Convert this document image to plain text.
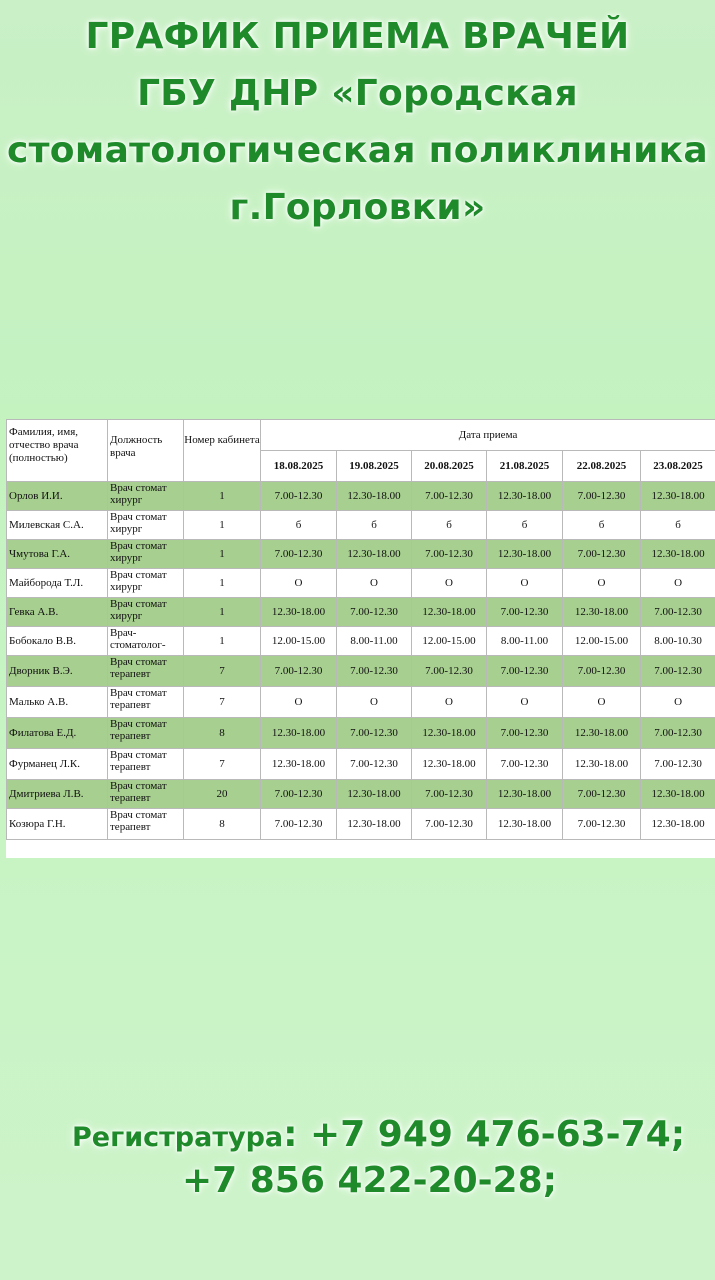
ГРАФИК ПРИЕМА ВРАЧЕЙ
ГБУ ДНР «Городская
стоматологическая поликлиника
г.Горловки»
Фамилия, имя, отчество врача (полностью)	Должность врача	Номер кабинета	Дата приема					
			18.08.2025	19.08.2025	20.08.2025	21.08.2025	22.08.2025	23.08.2025
Орлов И.И.	Врач стомат хирург	1	7.00-12.30	12.30-18.00	7.00-12.30	12.30-18.00	7.00-12.30	12.30-18.00
Милевская С.А.	Врач стомат хирург	1	б	б	б	б	б	б
Чмутова Г.А.	Врач стомат хирург	1	7.00-12.30	12.30-18.00	7.00-12.30	12.30-18.00	7.00-12.30	12.30-18.00
Майборода Т.Л.	Врач стомат хирург	1	О	О	О	О	О	О
Гевка А.В.	Врач стомат хирург	1	12.30-18.00	7.00-12.30	12.30-18.00	7.00-12.30	12.30-18.00	7.00-12.30
Бобокало В.В.	Врач-стоматолог-	1	12.00-15.00	8.00-11.00	12.00-15.00	8.00-11.00	12.00-15.00	8.00-10.30
Дворник В.Э.	Врач стомат терапевт	7	7.00-12.30	7.00-12.30	7.00-12.30	7.00-12.30	7.00-12.30	7.00-12.30
Малько А.В.	Врач стомат терапевт	7	О	О	О	О	О	О
Филатова Е.Д.	Врач стомат терапевт	8	12.30-18.00	7.00-12.30	12.30-18.00	7.00-12.30	12.30-18.00	7.00-12.30
Фурманец Л.К.	Врач стомат терапевт	7	12.30-18.00	7.00-12.30	12.30-18.00	7.00-12.30	12.30-18.00	7.00-12.30
Дмитриева Л.В.	Врач стомат терапевт	20	7.00-12.30	12.30-18.00	7.00-12.30	12.30-18.00	7.00-12.30	12.30-18.00
Козюра Г.Н.	Врач стомат терапевт	8	7.00-12.30	12.30-18.00	7.00-12.30	12.30-18.00	7.00-12.30	12.30-18.00
Регистратура: +7 949 476-63-74;
+7 856 422-20-28;
